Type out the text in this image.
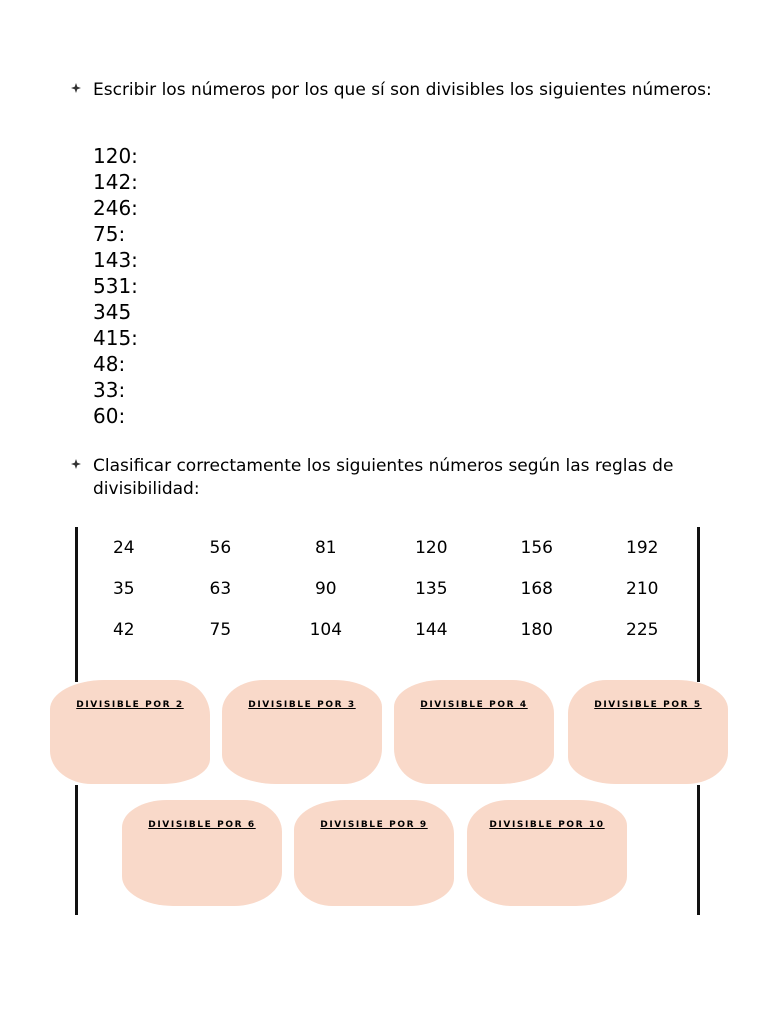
Escribir los números por los que sí son divisibles los siguientes números:
120:
142:
246:
75:
143:
531:
345
415:
48:
33:
60:
Clasificar correctamente los siguientes números según las reglas de divisibilidad:
24	56	81	120	156	192
35	63	90	135	168	210
42	75	104	144	180	225
DIVISIBLE POR 2	DIVISIBLE POR 3	DIVISIBLE POR 4	DIVISIBLE POR 5
DIVISIBLE POR 6	DIVISIBLE POR 9	DIVISIBLE POR 10
